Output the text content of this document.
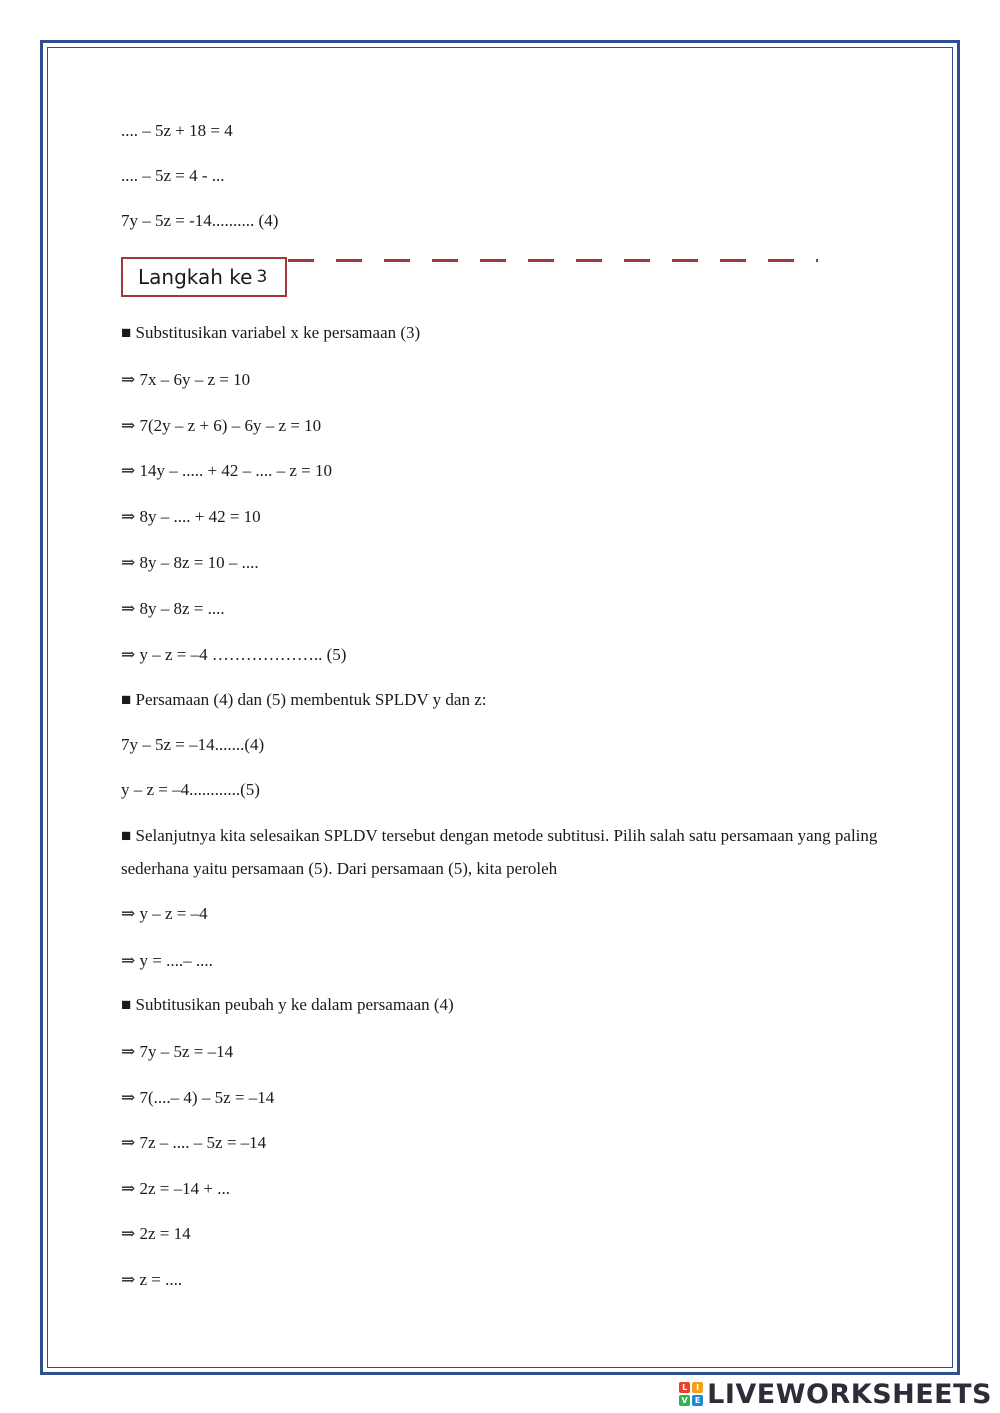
.... – 5z + 18 = 4
.... – 5z = 4 - ...
7y – 5z = -14.......... (4)
Langkah ke 3
■ Substitusikan variabel x ke persamaan (3)
⇒ 7x – 6y – z = 10
⇒ 7(2y – z + 6) – 6y – z = 10
⇒ 14y – ..... + 42 – .... – z = 10
⇒ 8y – .... + 42 = 10
⇒ 8y – 8z = 10 – ....
⇒ 8y – 8z = ....
⇒ y – z = –4 ……………….. (5)
■ Persamaan (4) dan (5) membentuk SPLDV y dan z:
7y – 5z = –14.......(4)
y – z = –4............(5)
■ Selanjutnya kita selesaikan SPLDV tersebut dengan metode subtitusi. Pilih salah satu persamaan yang paling sederhana yaitu persamaan (5). Dari persamaan (5), kita peroleh
⇒ y – z = –4
⇒ y = ....– ....
■ Subtitusikan peubah y ke dalam persamaan (4)
⇒ 7y – 5z = –14
⇒ 7(....– 4) – 5z = –14
⇒ 7z – .... – 5z = –14
⇒ 2z = –14 + ...
⇒ 2z = 14
⇒ z = ....
L	I
V E LIVEWORKSHEETS
